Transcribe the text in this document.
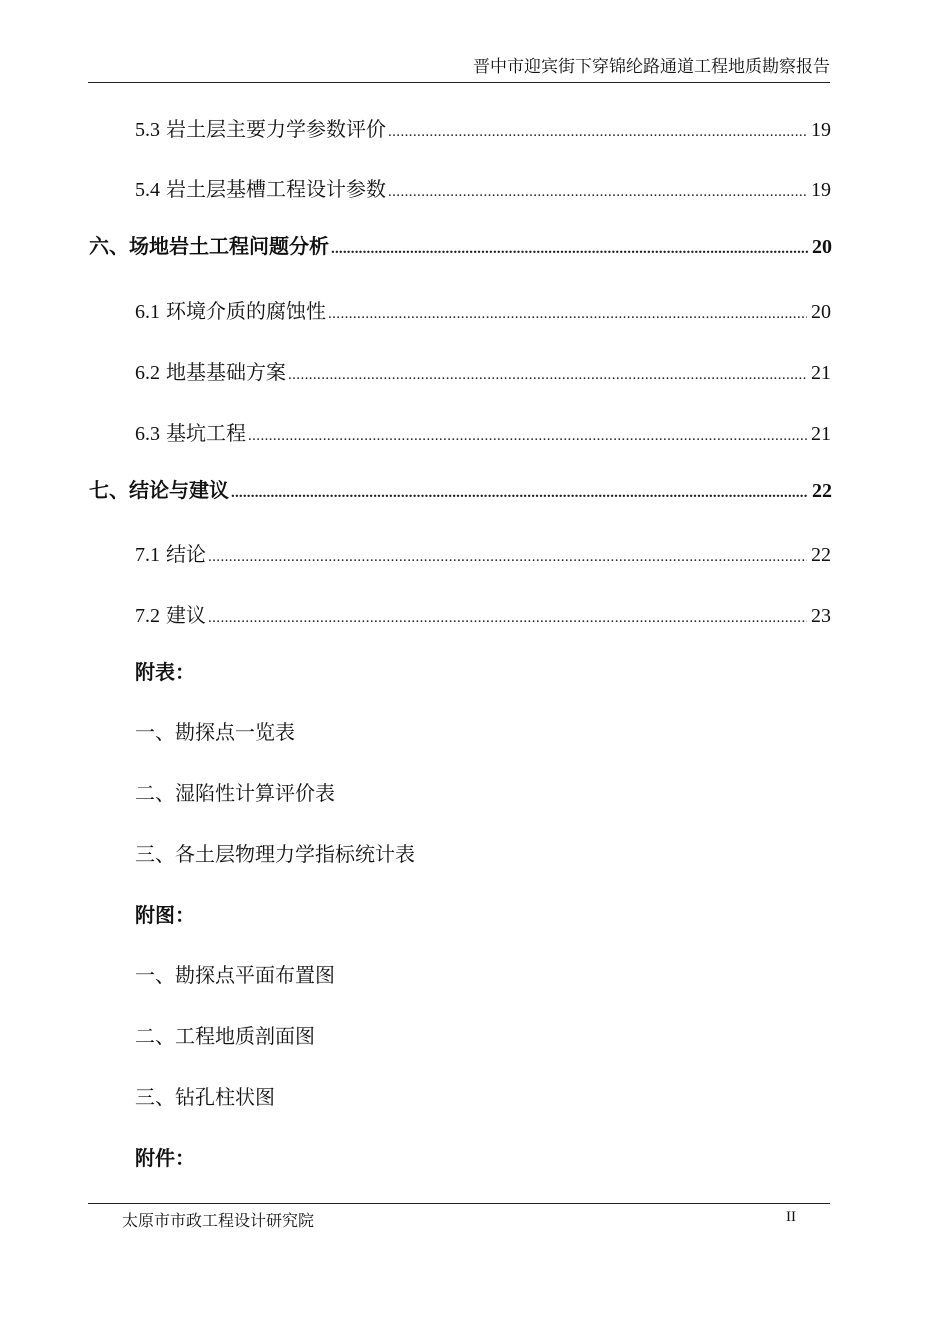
晋中市迎宾街下穿锦纶路通道工程地质勘察报告
5.3 岩土层主要力学参数评价 .....	19
5.4 岩土层基槽工程设计参数 .....	19
六、 场地岩土工程问题分析 .....	20
6.1 环境介质的腐蚀性 .....	20
6.2 地基基础方案 .....	21
6.3 基坑工程 .....	21
七、 结论与建议 .....	22
7.1 结论 .....	22
7.2 建议 .....	23
附表：
一、勘探点一览表
二、湿陷性计算评价表
三、各土层物理力学指标统计表
附图：
一、勘探点平面布置图
二、工程地质剖面图
三、钻孔柱状图
附件：
太原市市政工程设计研究院	II
